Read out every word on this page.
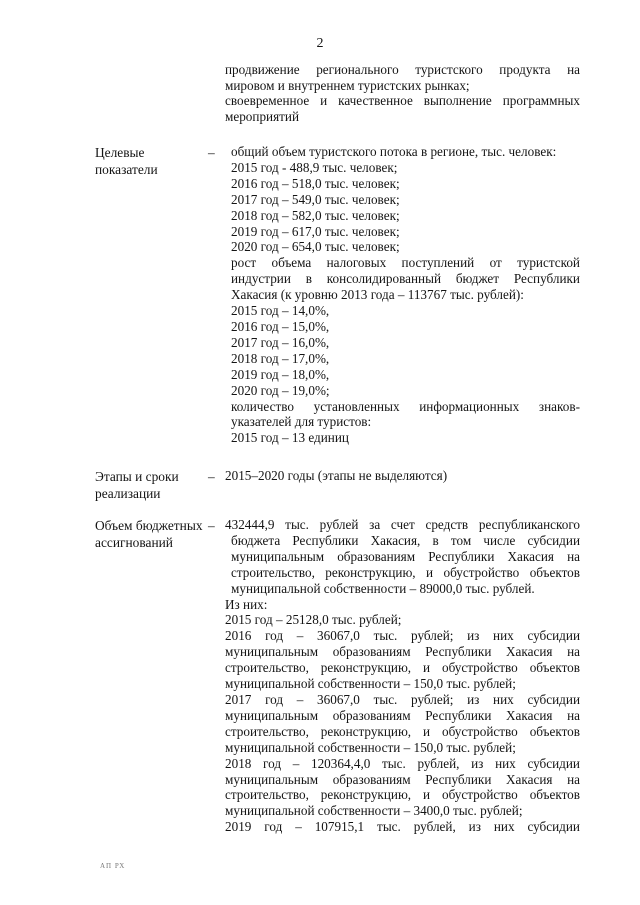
2
продвижение регионального туристского продукта на
мировом и внутреннем туристских рынках;
своевременное и качественное выполнение программных
мероприятий
Целевые показатели
–	общий объем туристского потока в регионе, тыс. человек:

2015 год - 488,9 тыс. человек;

2016 год – 518,0 тыс. человек;

2017 год – 549,0 тыс. человек;

2018 год – 582,0 тыс. человек;

2019 год – 617,0 тыс. человек;

2020 год – 654,0 тыс. человек;

рост объема налоговых поступлений от туристской

индустрии в консолидированный бюджет Республики

Хакасия (к уровню 2013 года – 113767 тыс. рублей):

2015 год – 14,0%,

2016 год – 15,0%,

2017 год – 16,0%,

2018 год – 17,0%,

2019 год – 18,0%,

2020 год – 19,0%;

количество установленных информационных знаков-

указателей для туристов:

2015 год – 13 единиц

Этапы и сроки реализации
– 2015–2020 годы (этапы не выделяются)
Объем бюджетных ассигнований
– 432444,9 тыс. рублей за счет средств республиканского

бюджета Республики Хакасия, в том числе субсидии

муниципальным образованиям Республики Хакасия на

строительство, реконструкцию, и обустройство объектов

муниципальной собственности – 89000,0 тыс. рублей.

Из них:

2015 год – 25128,0 тыс. рублей;

2016 год – 36067,0 тыс. рублей; из них субсидии

муниципальным образованиям Республики Хакасия на

строительство, реконструкцию, и обустройство объектов

муниципальной собственности – 150,0 тыс. рублей;

2017 год – 36067,0 тыс. рублей; из них субсидии

муниципальным образованиям Республики Хакасия на

строительство, реконструкцию, и обустройство объектов

муниципальной собственности – 150,0 тыс. рублей;

2018 год – 120364,4,0 тыс. рублей, из них субсидии

муниципальным образованиям Республики Хакасия на

строительство, реконструкцию, и обустройство объектов

муниципальной собственности – 3400,0 тыс. рублей;

2019 год – 107915,1 тыс. рублей, из них субсидии

АП РХ
